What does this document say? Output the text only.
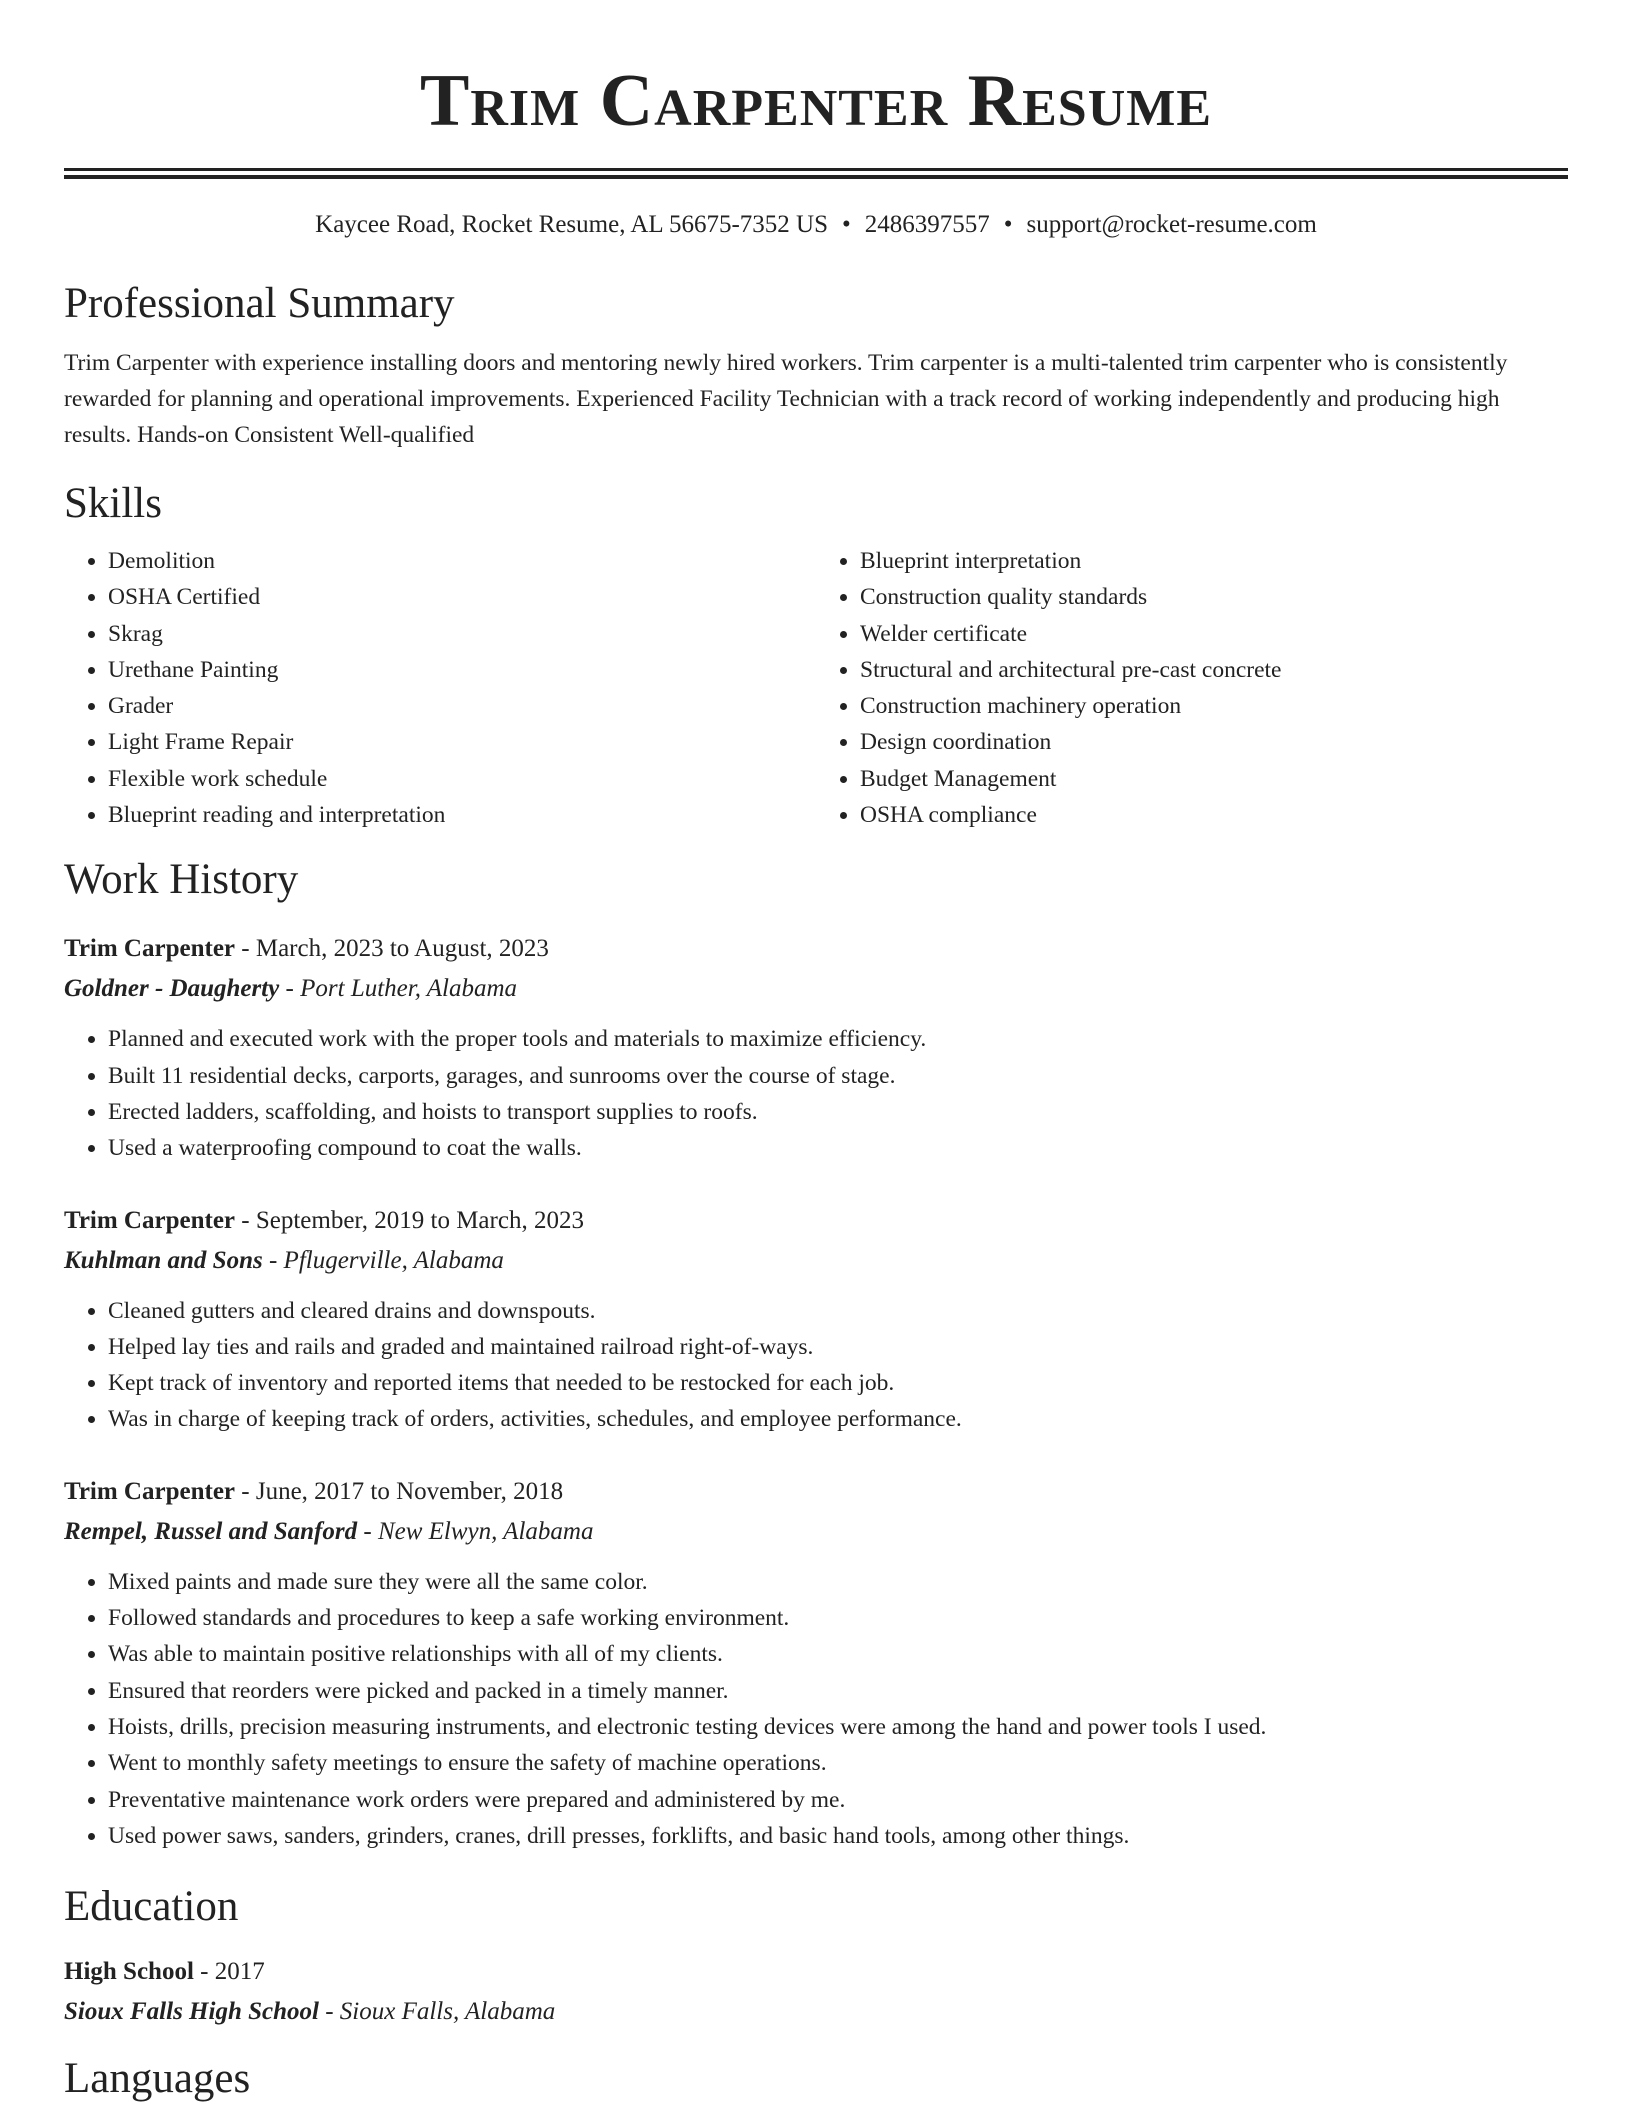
Trim Carpenter Resume
Kaycee Road, Rocket Resume, AL 56675-7352 US • 2486397557 • support@rocket-resume.com
Professional Summary

Trim Carpenter with experience installing doors and mentoring newly hired workers. Trim carpenter is a multi-talented trim carpenter who is consistently rewarded for planning and operational improvements. Experienced Facility Technician with a track record of working independently and producing high results. Hands-on Consistent Well-qualified

Skills
• Demolition
• OSHA Certified
• Skrag
• Urethane Painting
• Grader
• Light Frame Repair
• Flexible work schedule
• Blueprint reading and interpretation
• Blueprint interpretation
• Construction quality standards
• Welder certificate
• Structural and architectural pre-cast concrete
• Construction machinery operation
• Design coordination
• Budget Management
• OSHA compliance
Work History
Trim Carpenter - March, 2023 to August, 2023
Goldner - Daugherty - Port Luther, Alabama
• Planned and executed work with the proper tools and materials to maximize efficiency.
• Built 11 residential decks, carports, garages, and sunrooms over the course of stage.
• Erected ladders, scaffolding, and hoists to transport supplies to roofs.
• Used a waterproofing compound to coat the walls.
Trim Carpenter - September, 2019 to March, 2023
Kuhlman and Sons - Pflugerville, Alabama
• Cleaned gutters and cleared drains and downspouts.
• Helped lay ties and rails and graded and maintained railroad right-of-ways.
• Kept track of inventory and reported items that needed to be restocked for each job.
• Was in charge of keeping track of orders, activities, schedules, and employee performance.
Trim Carpenter - June, 2017 to November, 2018
Rempel, Russel and Sanford - New Elwyn, Alabama
• Mixed paints and made sure they were all the same color.
• Followed standards and procedures to keep a safe working environment.
• Was able to maintain positive relationships with all of my clients.
• Ensured that reorders were picked and packed in a timely manner.
• Hoists, drills, precision measuring instruments, and electronic testing devices were among the hand and power tools I used.
• Went to monthly safety meetings to ensure the safety of machine operations.
• Preventative maintenance work orders were prepared and administered by me.
• Used power saws, sanders, grinders, cranes, drill presses, forklifts, and basic hand tools, among other things.
Education
High School - 2017
Sioux Falls High School - Sioux Falls, Alabama
Languages
